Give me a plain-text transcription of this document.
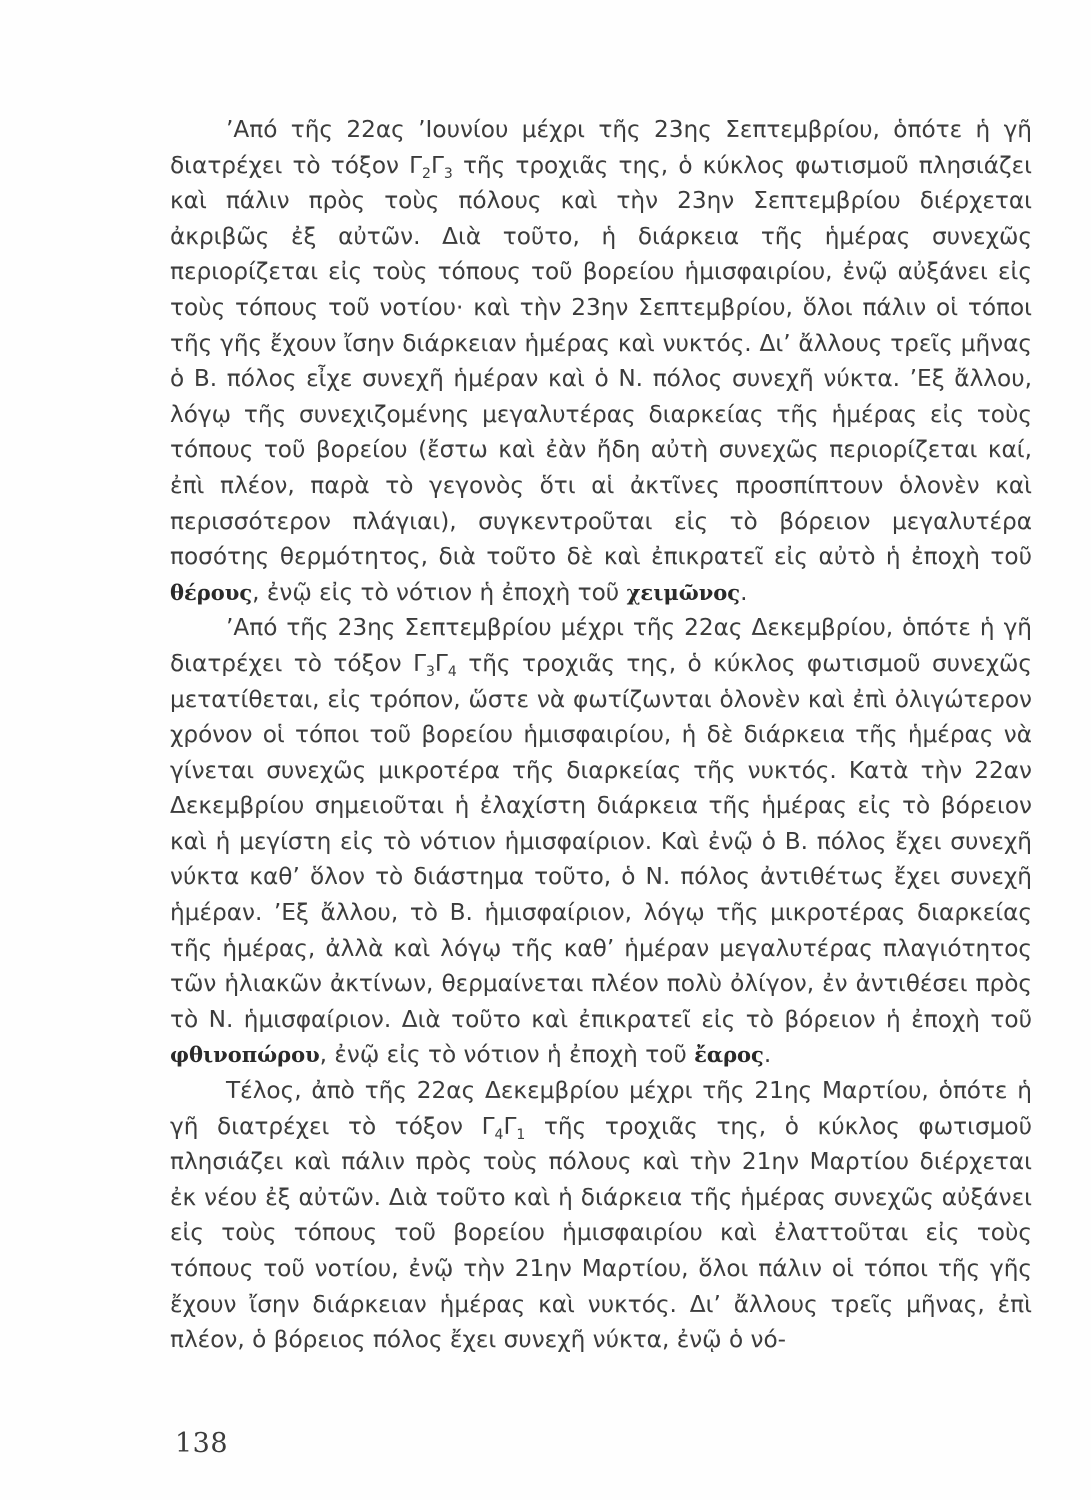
’Από τῆς 22ας ’Ιουνίου μέχρι τῆς 23ης Σεπτεμβρίου, ὁπότε ἡ γῆ διατρέχει τὸ τόξον $\Gamma_2\Gamma_3$ τῆς τροχιᾶς της, ὁ κύκλος φωτισμοῦ πλησιάζει καὶ πάλιν πρὸς τοὺς πόλους καὶ τὴν 23ην Σεπτεμβρίου διέρχεται ἀκριβῶς ἐξ αὐτῶν. Διὰ τοῦτο, ἡ διάρκεια τῆς ἡμέρας συνεχῶς περιορίζεται εἰς τοὺς τόπους τοῦ βορείου ἡμισφαιρίου, ἐνῷ αὐξάνει εἰς τοὺς τόπους τοῦ νοτίου· καὶ τὴν 23ην Σεπτεμβρίου, ὅλοι πάλιν οἱ τόποι τῆς γῆς ἔχουν ἴσην διάρκειαν ἡμέρας καὶ νυκτός. Δι’ ἄλλους τρεῖς μῆνας ὁ Β. πόλος εἶχε συνεχῆ ἡμέραν καὶ ὁ Ν. πόλος συνεχῆ νύκτα. ’Εξ ἄλλου, λόγῳ τῆς συνεχιζομένης μεγαλυτέρας διαρκείας τῆς ἡμέρας εἰς τοὺς τόπους τοῦ βορείου (ἔστω καὶ ἐὰν ἤδη αὐτὴ συνεχῶς περιορίζεται καί, ἐπὶ πλέον, παρὰ τὸ γεγονὸς ὅτι αἱ ἀκτῖνες προσπίπτουν ὁλονὲν καὶ περισσότερον πλάγιαι), συγκεντροῦται εἰς τὸ βόρειον μεγαλυτέρα ποσότης θερμότητος, διὰ τοῦτο δὲ καὶ ἐπικρατεῖ εἰς αὐτὸ ἡ ἐποχὴ τοῦ θέρους, ἐνῷ εἰς τὸ νότιον ἡ ἐποχὴ τοῦ χειμῶνος.

’Από τῆς 23ης Σεπτεμβρίου μέχρι τῆς 22ας Δεκεμβρίου, ὁπότε ἡ γῆ διατρέχει τὸ τόξον $\Gamma_3\Gamma_4$ τῆς τροχιᾶς της, ὁ κύκλος φωτισμοῦ συνεχῶς μετατίθεται, εἰς τρόπον, ὥστε νὰ φωτίζωνται ὁλονὲν καὶ ἐπὶ ὀλιγώτερον χρόνον οἱ τόποι τοῦ βορείου ἡμισφαιρίου, ἡ δὲ διάρκεια τῆς ἡμέρας νὰ γίνεται συνεχῶς μικροτέρα τῆς διαρκείας τῆς νυκτός. Κατὰ τὴν 22αν Δεκεμβρίου σημειοῦται ἡ ἐλαχίστη διάρκεια τῆς ἡμέρας εἰς τὸ βόρειον καὶ ἡ μεγίστη εἰς τὸ νότιον ἡμισφαίριον. Καὶ ἐνῷ ὁ Β. πόλος ἔχει συνεχῆ νύκτα καθ’ ὅλον τὸ διάστημα τοῦτο, ὁ Ν. πόλος ἀντιθέτως ἔχει συνεχῆ ἡμέραν. ’Εξ ἄλλου, τὸ Β. ἡμισφαίριον, λόγῳ τῆς μικροτέρας διαρκείας τῆς ἡμέρας, ἀλλὰ καὶ λόγῳ τῆς καθ’ ἡμέραν μεγαλυτέρας πλαγιότητος τῶν ἡλιακῶν ἀκτίνων, θερμαίνεται πλέον πολὺ ὀλίγον, ἐν ἀντιθέσει πρὸς τὸ Ν. ἡμισφαίριον. Διὰ τοῦτο καὶ ἐπικρατεῖ εἰς τὸ βόρειον ἡ ἐποχὴ τοῦ φθινοπώρου, ἐνῷ εἰς τὸ νότιον ἡ ἐποχὴ τοῦ ἔαρος.

Τέλος, ἀπὸ τῆς 22ας Δεκεμβρίου μέχρι τῆς 21ης Μαρτίου, ὁπότε ἡ γῆ διατρέχει τὸ τόξον $\Gamma_4\Gamma_1$ τῆς τροχιᾶς της, ὁ κύκλος φωτισμοῦ πλησιάζει καὶ πάλιν πρὸς τοὺς πόλους καὶ τὴν 21ην Μαρτίου διέρχεται ἐκ νέου ἐξ αὐτῶν. Διὰ τοῦτο καὶ ἡ διάρκεια τῆς ἡμέρας συνεχῶς αὐξάνει εἰς τοὺς τόπους τοῦ βορείου ἡμισφαιρίου καὶ ἐλαττοῦται εἰς τοὺς τόπους τοῦ νοτίου, ἐνῷ τὴν 21ην Μαρτίου, ὅλοι πάλιν οἱ τόποι τῆς γῆς ἔχουν ἴσην διάρκειαν ἡμέρας καὶ νυκτός. Δι’ ἄλλους τρεῖς μῆνας, ἐπὶ πλέον, ὁ βόρειος πόλος ἔχει συνεχῆ νύκτα, ἐνῷ ὁ νό-

138
